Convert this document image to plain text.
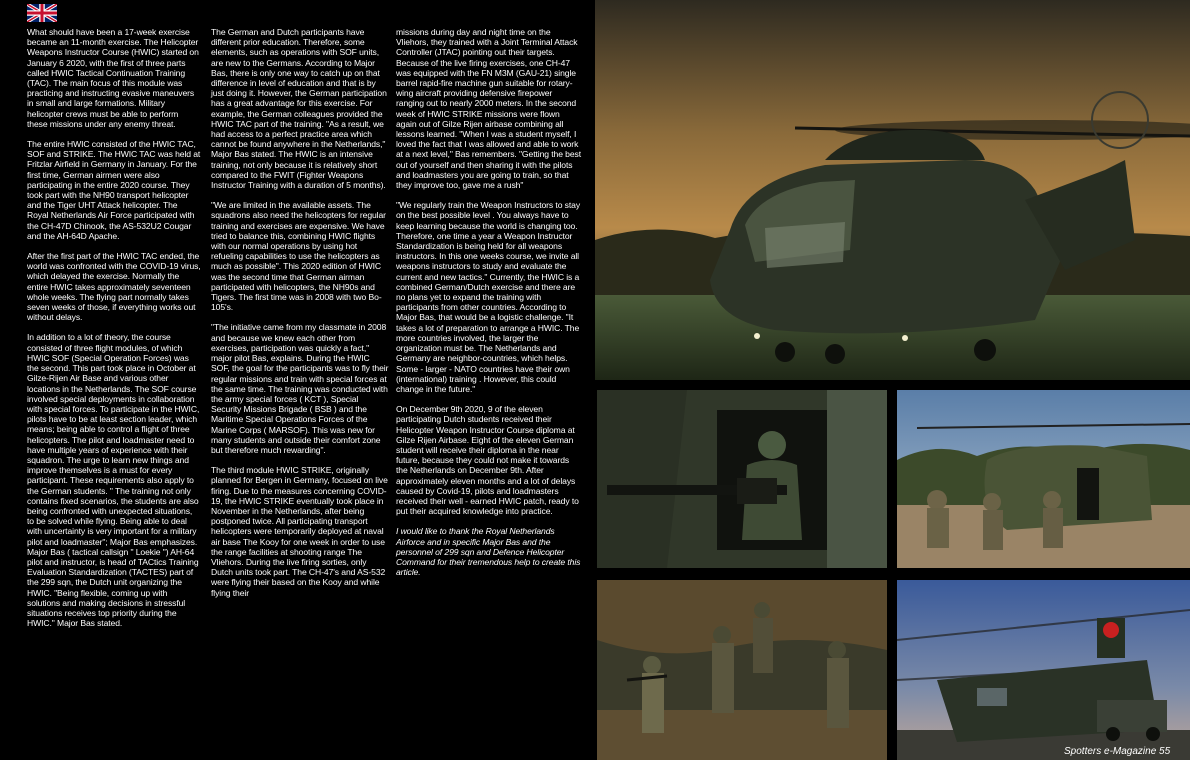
What should have been a 17-week exercise became an 11-month exercise. The Helicopter Weapons Instructor Course (HWIC) started on January 6 2020, with the first of three parts called HWIC Tactical Continuation Training (TAC). The main focus of this module was practicing and instructing evasive maneuvers in small and large formations. Military helicopter crews must be able to perform these missions under any enemy threat.

The entire HWIC consisted of the HWIC TAC, SOF and STRIKE. The HWIC TAC was held at Fritzlar Airfield in Germany in January. For the first time, German airmen were also participating in the entire 2020 course. They took part with the NH90 transport helicopter and the Tiger UHT Attack helicopter. The Royal Netherlands Air Force participated with the CH-47D Chinook, the AS-532U2 Cougar and the AH-64D Apache.

After the first part of the HWIC TAC ended, the world was confronted with the COVID-19 virus, which delayed the exercise. Normally the entire HWIC takes approximately seventeen whole weeks. The flying part normally takes seven weeks of those, if everything works out without delays.

In addition to a lot of theory, the course consisted of three flight modules, of which HWIC SOF (Special Operation Forces) was the second. This part took place in October at Gilze-Rijen Air Base and various other locations in the Netherlands. The SOF course involved special deployments in collaboration with special forces. To participate in the HWIC, pilots have to be at least section leader, which means; being able to control a flight of three helicopters. The pilot and loadmaster need to have multiple years of experience with their squadron. The urge to learn new things and improve themselves is a must for every participant. These requirements also apply to the German students. " The training not only contains fixed scenarios, the students are also being confronted with unexpected situations, to be solved while flying. Being able to deal with uncertainty is very important for a military pilot and loadmaster"; Major Bas emphasizes. Major Bas ( tactical callsign " Loekie ") AH-64 pilot and instructor, is head of TACtics Training Evaluation Standardization (TACTES) part of the 299 sqn, the Dutch unit organizing the HWIC. "Being flexible, coming up with solutions and making decisions in stressful situations receives top priority during the HWIC." Major Bas stated.

The German and Dutch participants have different prior education. Therefore, some elements, such as operations with SOF units, are new to the Germans. According to Major Bas, there is only one way to catch up on that difference in level of education and that is by just doing it. However, the German participation has a great advantage for this exercise. For example, the German colleagues provided the HWIC TAC part of the training. "As a result, we had access to a perfect practice area which cannot be found anywhere in the Netherlands," Major Bas stated. The HWIC is an intensive training, not only because it is relatively short compared to the FWIT (Fighter Weapons Instructor Training with a duration of 5 months).

"We are limited in the available assets. The squadrons also need the helicopters for regular training and exercises are expensive. We have tried to balance this, combining HWIC flights with our normal operations by using hot refueling capabilities to use the helicopters as much as possible". This 2020 edition of HWIC was the second time that German airman participated with helicopters, the NH90s and Tigers. The first time was in 2008 with two Bo-105's.

"The initiative came from my classmate in 2008 and because we knew each other from exercises, participation was quickly a fact," major pilot Bas, explains. During the HWIC SOF, the goal for the participants was to fly their regular missions and train with special forces at the same time. The training was conducted with the army special forces ( KCT ), Special Security Missions Brigade ( BSB ) and the Maritime Special Operations Forces of the Marine Corps ( MARSOF). This was new for many students and outside their comfort zone but therefore much rewarding".

The third module HWIC STRIKE, originally planned for Bergen in Germany, focused on live firing. Due to the measures concerning COVID-19, the HWIC STRIKE eventually took place in November in the Netherlands, after being postponed twice. All participating transport helicopters were temporarily deployed at naval air base The Kooy for one week in order to use the range facilities at shooting range The Vliehors. During the live firing sorties, only Dutch units took part. The CH-47's and AS-532 were flying their based on the Kooy and while flying their

missions during day and night time on the Vliehors, they trained with a Joint Terminal Attack Controller (JTAC) pointing out their targets. Because of the live firing exercises, one CH-47 was equipped with the FN M3M (GAU-21) single barrel rapid-fire machine gun suitable for rotary-wing aircraft providing defensive firepower ranging out to nearly 2000 meters. In the second week of HWIC STRIKE missions were flown again out of Gilze Rijen airbase combining all lessons learned. "When I was a student myself, I loved the fact that I was allowed and able to work at a next level," Bas remembers. "Getting the best out of yourself and then sharing it with the pilots and loadmasters you are going to train, so that they improve too, gave me a rush"

"We regularly train the Weapon Instructors to stay on the best possible level . You always have to keep learning because the world is changing too. Therefore, one time a year a Weapon Instructor Standardization is being held for all weapons instructors. In this one weeks course, we invite all weapons instructors to study and evaluate the current and new tactics." Currently, the HWIC is a combined German/Dutch exercise and there are no plans yet to expand the training with participants from other countries. According to Major Bas, that would be a logistic challenge. "It takes a lot of preparation to arrange a HWIC. The more countries involved, the larger the organization must be. The Netherlands and Germany are neighbor-countries, which helps. Some - larger - NATO countries have their own (international) training . However, this could change in the future."

On December 9th 2020, 9 of the eleven participating Dutch students received their Helicopter Weapon Instructor Course diploma at Gilze Rijen Airbase. Eight of the eleven German student will receive their diploma in the near future, because they could not make it towards the Netherlands on December 9th. After approximately eleven months and a lot of delays caused by Covid-19, pilots and loadmasters received their well - earned HWIC patch, ready to put their acquired knowledge into practice.

I would like to thank the Royal Netherlands Airforce and in specific Major Bas and the personnel of 299 sqn and Defence Helicopter Command for their tremendous help to create this article.

Spotters e-Magazine 55
